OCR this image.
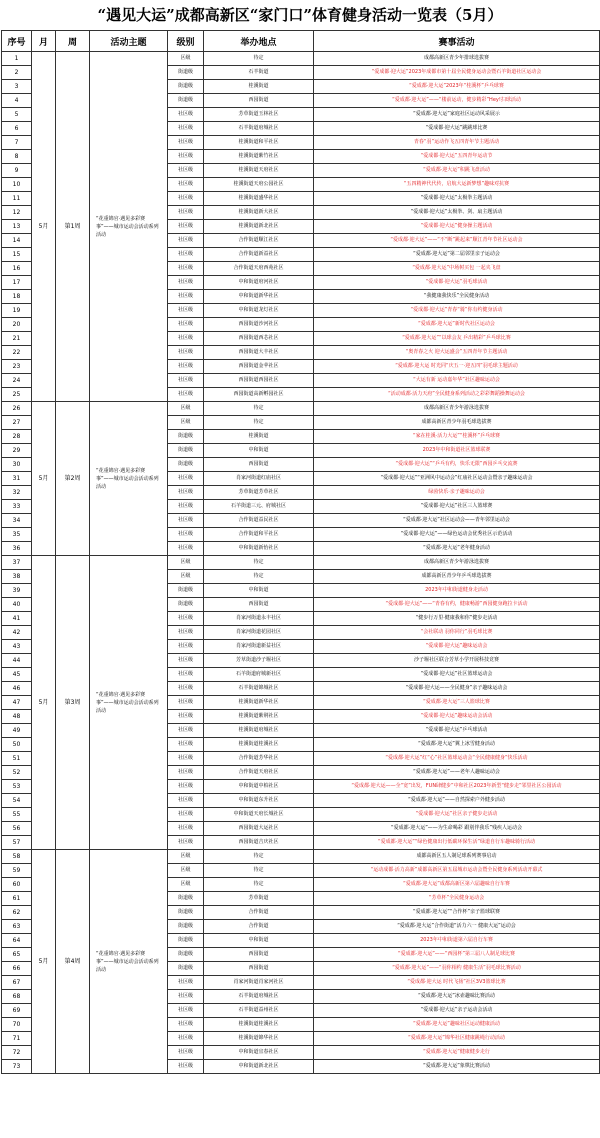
“遇见大运”成都高新区“家门口”体育健身活动一览表（5月）
序号	月	周	活动主题	级别	举办地点	赛事活动
1	5月	第1周	“花重锦官·遇见多彩赛事”——城市运动会活动系列活动	区级	待定	成都高新区青少年排球选拔赛
2				街道级	石羊街道	“爱成都·迎大运”2023年成都市第十届全民健身运动会暨石羊街道社区运动会
3				街道级	桂溪街道	“爱成都·迎大运”2023年“桂溪杯”乒乓球赛
4				街道级	西园街道	“爱成都·迎大运”——“楼前运动，健步精彩”Hey!扫球活动
5				社区级	芳草街道玉林社区	“爱成都·迎大运”家庭社区运动风采展示
6				社区级	石羊街道府城社区	“爱成都·迎大运”跳跳球比赛
7				社区级	桂溪街道和平社区	青春“羽”运动作飞五四青年节主题活动
8				社区级	桂溪街道紫竹社区	“爱成都·迎大运”五四青年运动节
9				社区级	桂溪街道天府社区	“爱成都·迎大运”积跳飞盘活动
10				社区级	桂溪街道天府公园社区	“五四精神代代传，启航大运新梦想”趣味对抗赛
11				社区级	桂溪街道盛华社区	“爱成都·迎大运”太极拳主题活动
12				社区级	桂溪街道新大社区	“爱成都·迎大运”太极拳、剑、扇主题活动
13				社区级	桂溪街道新北社区	“爱成都·迎大运”健身操主题活动
14				社区级	合作街道顺江社区	“爱成都·迎大运”——“不“断”跳起来”顺江青年节社区运动会
15				社区级	合作街道新益社区	“爱成都·迎大运”第二届邻里亲子运动会
16				社区级	合作街道天府西苑社区	“爱成都·迎大运”中场树买包 一起夹飞盘
17				社区级	中和街道府河社区	“爱成都·迎大运”羽毛球活动
18				社区级	中和街道新华社区	“我健康我快乐”全民健身活动
19				社区级	中和街道龙灯社区	“爱成都·迎大运”青春“骑”你有约健身活动
20				社区级	西园街道沙河社区	“爱成都·迎大运”新时代社区运动会
21				社区级	西园街道西芯社区	“爱成都·迎大运”“以球会友 乒出精彩”乒乓球比赛
22				社区级	西园街道大丰社区	“奥青春之火 迎大运盛会”五四青年节主题活动
23				社区级	西园街道金苹社区	“爱成都·迎大运 时光同“庆五一·迎五四”羽毛球主题活动
24				社区级	西园街道西园社区	“大运有新 运动嘉年华”社区趣味运动会
25				社区级	西园街道高新孵园社区	“活动成都·活力天府”全民健身系列活动之彩彩舞蹈操舞运动会
26	5月	第2周	“花重锦官·遇见多彩赛事”——城市运动会活动系列活动	区级	待定	成都高新区青少年游泳选拔赛
27				区级	待定	成都高新区青少年羽毛球选拔赛
28				街道级	桂溪街道	“家在桂溪·活力大运”“桂溪杯”乒乓球赛
29				街道级	中和街道	2023年中和街道社区篮球联赛
30				街道级	西园街道	“爱成都·迎大运”“乒乓有约，快乐无限”西园乒乓交流赛
31				社区级	肖家河街道红庙社区	“爱成都·迎大运”“亚洲风中运动会”红庙社区运动会暨亲子趣味运动会
32				社区级	芳草街道芳草社区	绿茵快乐·亲子趣味运动会
33				社区级	石羊街道三元、府城社区	“爱成都·迎大运”社区三人篮球赛
34				社区级	合作街道益民社区	“爱成都·迎大运”社区运动会——青年邻里运动会
35				社区级	合作街道和平社区	“爱成都·迎大运”——绿色运动会优秀社区示范活动
36				社区级	中和街道新怡社区	“爱成都·迎大运”老年健身活动
37	5月	第3周	“花重锦官·遇见多彩赛事”——城市运动会活动系列活动	区级	待定	成都高新区青少年游泳选拔赛
38				区级	待定	成都高新区青少年乒乓球选拔赛
39				街道级	中和街道	2023年中和街道健身走活动
40				街道级	西园街道	“爱成都·迎大运”——“青春有约，健康畅游”西园健身跑拉卡活动
41				社区级	肖家河街道永丰社区	“健步行万里·健康我和你”健步走活动
42				社区级	肖家河街道花园社区	“会社联动 羽你同行”羽毛球比赛
43				社区级	肖家河街道新益社区	“爱成都·迎大运”趣味运动会
44				社区级	芳草街道沙子堰社区	沙子堰社区联合芳草小学开展科技竞赛
45				社区级	石羊街道府城新社区	“爱成都·迎大运”社区篮球运动会
46				社区级	石羊街道锦城社区	“爱成都·迎大运——全民健身”亲子趣味运动会
47				社区级	桂溪街道新华社区	“爱成都·迎大运”三人篮球比赛
48				社区级	桂溪街道紫荆社区	“爱成都·迎大运”趣味运动会活动
49				社区级	桂溪街道府城社区	“爱成都·迎大运”乒乓球活动
50				社区级	桂溪街道桂溪社区	“爱成都·迎大运”翼上冰雪健身活动
51				社区级	合作街道芳华社区	“爱成都·迎大运”红“心”社区篮球运动会“全民健康健身”快乐活动
52				社区级	合作街道天府社区	“爱成都·迎大运”——老年人趣味运动会
53				社区级	中和街道中柏社区	“爱成都·迎大运——全“宽”出发，FUN肆健步”中和社区2023年新型“健步走”邻里社区公园活动
54				社区级	中和街道东升社区	“爱成都·迎大运”——自然探索户外健步活动
55				社区级	中和街道天府长城社区	“爱成都·迎大运”社区亲子健步走活动
56				社区级	西园街道大运社区	“爱成都·迎大运”——为生命喝彩 跟别伴我乐”残疾人运动会
57				社区级	西园街道吉庆社区	“爱成都·迎大运”“绿色健康出行低碳环保生活”绿道自行车趣味骑行活动
58	5月	第4周	“花重锦官·遇见多彩赛事”——城市运动会活动系列活动	区级	待定	成都高新区五人制足球系列赛事启动
59				区级	待定	“运动成都·活力高新”成都高新区第五届城市运动会暨全民健身系列活动开幕式
60				区级	待定	“爱成都·迎大运”成都高新区第六届趣味自行车赛
61				街道级	芳草街道	“芳草杯”全民健身运动会
62				街道级	合作街道	“爱成都·迎大运”“合作杯”亲子篮球联赛
63				街道级	合作街道	“爱成都·迎大运”合作街道“活力六一 健康大运”运动会
64				街道级	中和街道	2023年中和街道第六届自行车赛
65				街道级	西园街道	“爱成都·迎大运”——“西园杯”第三届八人制足球比赛
66				街道级	西园街道	“爱成都·迎大运”——“羽你相约 健康生活”羽毛球比赛活动
67				社区级	肖家河街道肖家河社区	“爱成都·迎大运 时代飞扬”社区3V3篮球比赛
68				社区级	石羊街道府城社区	“爱成都·迎大运”冰壶趣味比赛活动
69				社区级	石羊街道益州社区	“爱成都·迎大运”亲子运动会活动
70				社区级	桂溪街道桂溪社区	“爱成都·迎大运”趣味社区运动健康活动
71				社区级	桂溪街道锦华社区	“爱成都·迎大运”锦华社区健康跳绳行动活动
72				社区级	中和街道宜春社区	“爱成都·迎大运”健康健步走行
73				社区级	中和街道新北社区	“爱成都·迎大运”象棋比赛活动
